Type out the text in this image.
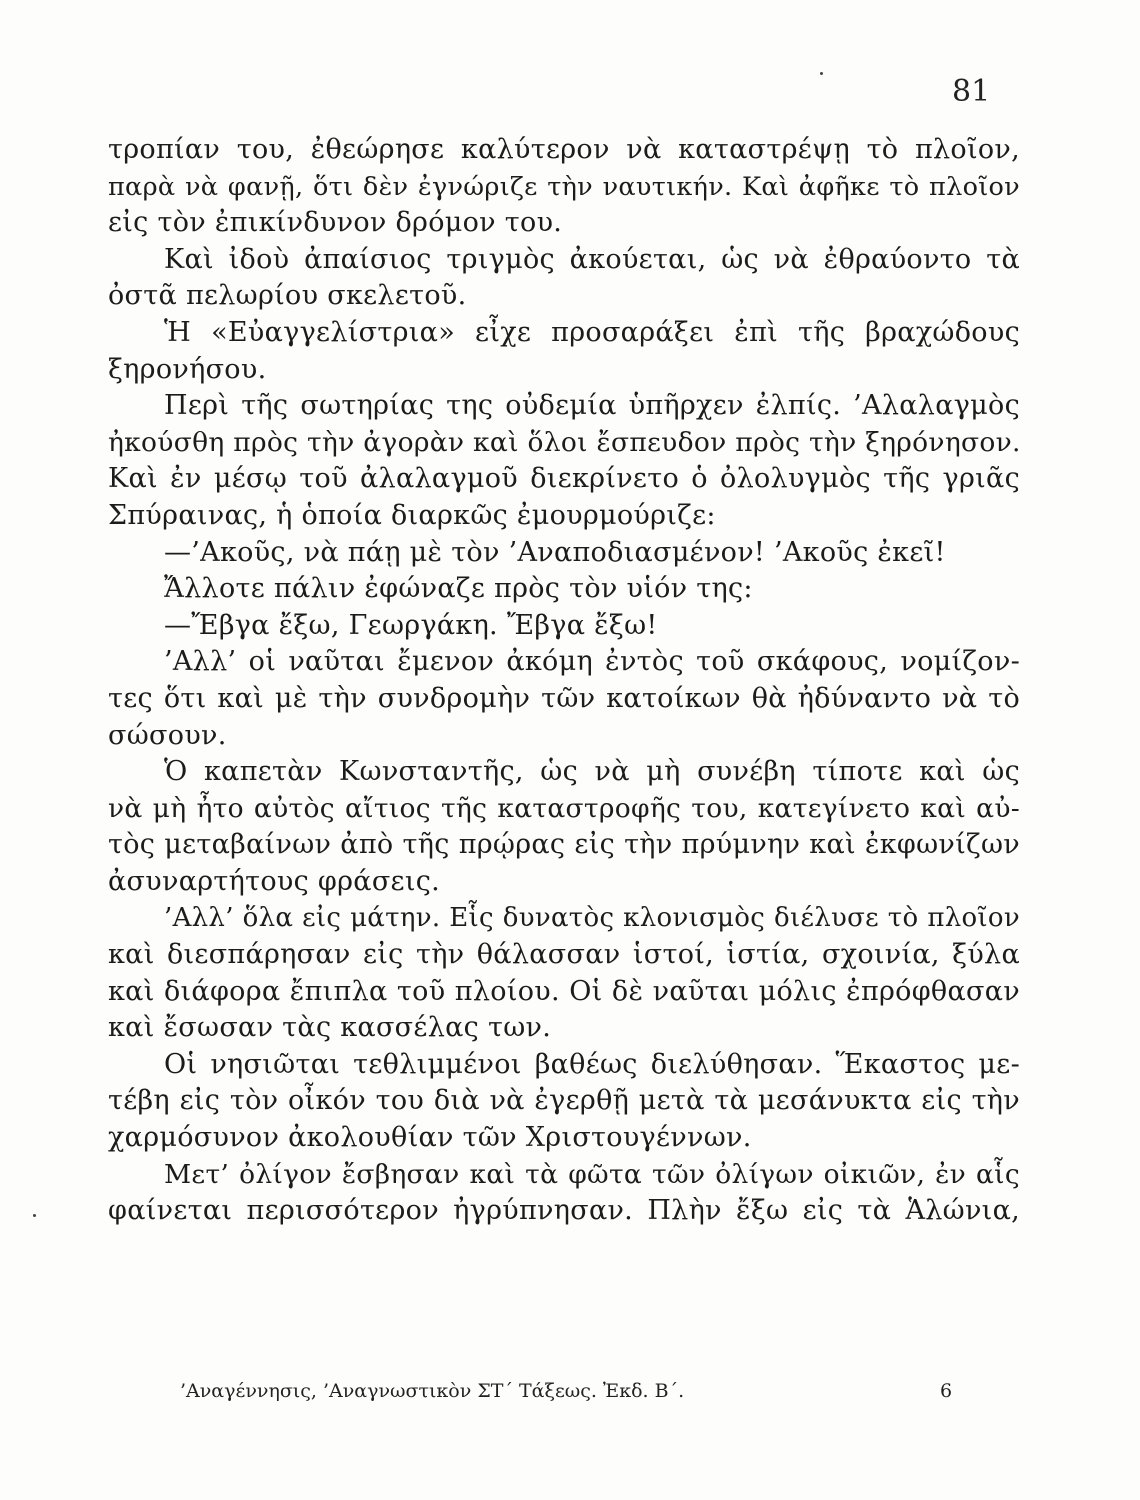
81
τροπίαν του, ἐθεώρησε καλύτερον νὰ καταστρέψῃ τὸ πλοῖον,
παρὰ νὰ φανῇ, ὅτι δὲν ἐγνώριζε τὴν ναυτικήν. Καὶ ἀφῆκε τὸ πλοῖον
εἰς τὸν ἐπικίνδυνον δρόμον του.
Καὶ ἰδοὺ ἀπαίσιος τριγμὸς ἀκούεται, ὡς νὰ ἐθραύοντο τὰ
ὀστᾶ πελωρίου σκελετοῦ.
Ἡ «Εὐαγγελίστρια» εἶχε προσαράξει ἐπὶ τῆς βραχώδους
ξηρονήσου.
Περὶ τῆς σωτηρίας της οὐδεμία ὑπῆρχεν ἐλπίς. ’Αλαλαγμὸς
ἠκούσθη πρὸς τὴν ἀγορὰν καὶ ὅλοι ἔσπευδον πρὸς τὴν ξηρόνησον.
Καὶ ἐν μέσῳ τοῦ ἀλαλαγμοῦ διεκρίνετο ὁ ὀλολυγμὸς τῆς γριᾶς
Σπύραινας, ἡ ὁποία διαρκῶς ἐμουρμούριζε:
—’Ακοῦς, νὰ πάῃ μὲ τὸν ’Αναποδιασμένον! ’Ακοῦς ἐκεῖ!
Ἄλλοτε πάλιν ἐφώναζε πρὸς τὸν υἱόν της:
—Ἔβγα ἔξω, Γεωργάκη. Ἔβγα ἔξω!
’Αλλ’ οἱ ναῦται ἔμενον ἀκόμη ἐντὸς τοῦ σκάφους, νομίζον-
τες ὅτι καὶ μὲ τὴν συνδρομὴν τῶν κατοίκων θὰ ἠδύναντο νὰ τὸ
σώσουν.
Ὁ καπετὰν Κωνσταντῆς, ὡς νὰ μὴ συνέβη τίποτε καὶ ὡς
νὰ μὴ ἦτο αὐτὸς αἴτιος τῆς καταστροφῆς του, κατεγίνετο καὶ αὐ-
τὸς μεταβαίνων ἀπὸ τῆς πρῴρας εἰς τὴν πρύμνην καὶ ἐκφωνίζων
ἀσυναρτήτους φράσεις.
’Αλλ’ ὅλα εἰς μάτην. Εἷς δυνατὸς κλονισμὸς διέλυσε τὸ πλοῖον
καὶ διεσπάρησαν εἰς τὴν θάλασσαν ἱστοί, ἱστία, σχοινία, ξύλα
καὶ διάφορα ἔπιπλα τοῦ πλοίου. Οἱ δὲ ναῦται μόλις ἐπρόφθασαν
καὶ ἔσωσαν τὰς κασσέλας των.
Οἱ νησιῶται τεθλιμμένοι βαθέως διελύθησαν. Ἕκαστος με-
τέβη εἰς τὸν οἶκόν του διὰ νὰ ἐγερθῇ μετὰ τὰ μεσάνυκτα εἰς τὴν
χαρμόσυνον ἀκολουθίαν τῶν Χριστουγέννων.
Μετ’ ὀλίγον ἔσβησαν καὶ τὰ φῶτα τῶν ὀλίγων οἰκιῶν, ἐν αἷς
φαίνεται περισσότερον ἠγρύπνησαν. Πλὴν ἔξω εἰς τὰ Ἁλώνια,
’Αναγέννησις, ’Αναγνωστικὸν ΣΤ΄ Τάξεως. Ἐκδ. Β΄.	6
